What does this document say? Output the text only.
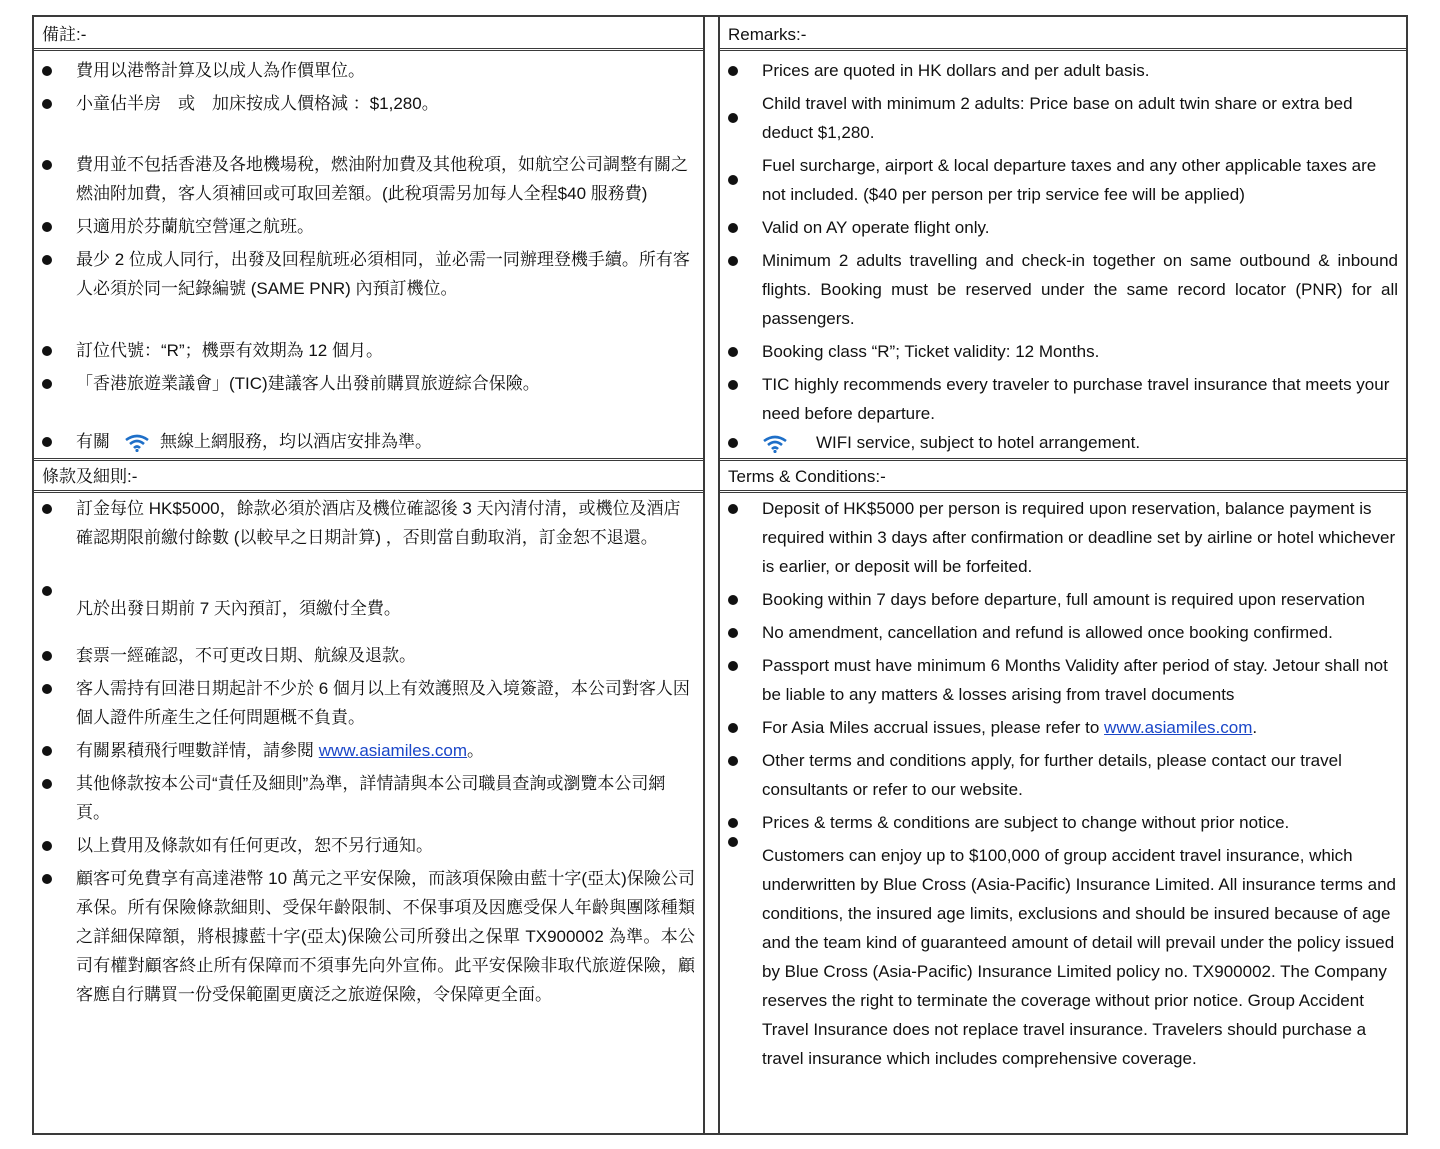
備註:-	Remarks:-
費用以港幣計算及以成人為作價單位。
小童佔半房　或　加床按成人價格減 ：$1,280。
費用並不包括香港及各地機場稅，燃油附加費及其他稅項，如航空公司調整有關之燃油附加費，客人須補回或可取回差額。(此稅項需另加每人全程$40 服務費)
只適用於芬蘭航空營運之航班。
最少 2 位成人同行，出發及回程航班必須相同，並必需一同辦理登機手續。所有客人必須於同一紀錄編號 (SAME PNR) 內預訂機位。
訂位代號：“R”；機票有效期為 12 個月。
「香港旅遊業議會」(TIC)建議客人出發前購買旅遊綜合保險。
有關	無線上網服務，均以酒店安排為準。
Prices are quoted in HK dollars and per adult basis.
Child travel with minimum 2 adults: Price base on adult twin share or extra bed deduct $1,280.
Fuel surcharge, airport & local departure taxes and any other applicable taxes are not included. ($40 per person per trip service fee will be applied)
Valid on AY operate flight only.
Minimum 2 adults travelling and check-in together on same outbound & inbound flights. Booking must be reserved under the same record locator (PNR) for all passengers.
Booking class “R”; Ticket validity: 12 Months.
TIC highly recommends every traveler to purchase travel insurance that meets your need before departure.
WIFI service, subject to hotel arrangement.
條款及細則:-	Terms & Conditions:-
訂金每位 HK$5000，餘款必須於酒店及機位確認後 3 天內清付清，或機位及酒店確認期限前繳付餘數 (以較早之日期計算) ，否則當自動取消，訂金恕不退還。
凡於出發日期前 7 天內預訂，須繳付全費。
套票一經確認，不可更改日期、航線及退款。
客人需持有回港日期起計不少於 6 個月以上有效護照及入境簽證，本公司對客人因個人證件所產生之任何問題概不負責。
有關累積飛行哩數詳情，請參閱 www.asiamiles.com。
其他條款按本公司“責任及細則”為準，詳情請與本公司職員查詢或瀏覽本公司網頁。
以上費用及條款如有任何更改，恕不另行通知。
顧客可免費享有高達港幣 10 萬元之平安保險，而該項保險由藍十字(亞太)保險公司承保。所有保險條款細則、受保年齡限制、不保事項及因應受保人年齡與團隊種類之詳細保障額，將根據藍十字(亞太)保險公司所發出之保單 TX900002 為準。本公司有權對顧客終止所有保障而不須事先向外宣佈。此平安保險非取代旅遊保險，顧客應自行購買一份受保範圍更廣泛之旅遊保險，令保障更全面。
Deposit of HK$5000 per person is required upon reservation, balance payment is required within 3 days after confirmation or deadline set by airline or hotel whichever is earlier, or deposit will be forfeited.
Booking within 7 days before departure, full amount is required upon reservation
No amendment, cancellation and refund is allowed once booking confirmed.
Passport must have minimum 6 Months Validity after period of stay. Jetour shall not be liable to any matters & losses arising from travel documents
For Asia Miles accrual issues, please refer to www.asiamiles.com.
Other terms and conditions apply, for further details, please contact our travel consultants or refer to our website.
Prices & terms & conditions are subject to change without prior notice.
Customers can enjoy up to $100,000 of group accident travel insurance, which underwritten by Blue Cross (Asia-Pacific) Insurance Limited. All insurance terms and conditions, the insured age limits, exclusions and should be insured because of age and the team kind of guaranteed amount of detail will prevail under the policy issued by Blue Cross (Asia-Pacific) Insurance Limited policy no. TX900002. The Company reserves the right to terminate the coverage without prior notice. Group Accident Travel Insurance does not replace travel insurance. Travelers should purchase a travel insurance which includes comprehensive coverage.
